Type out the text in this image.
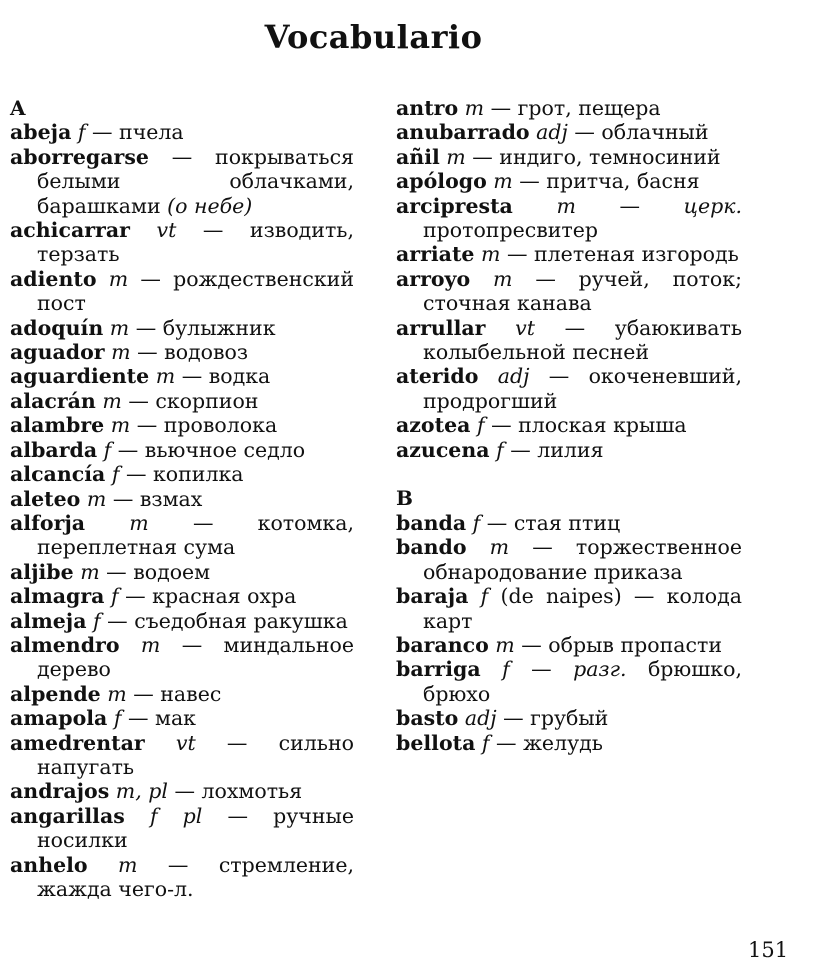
Vocabulario
A
abeja f — пчела
aborregarse — покрываться белыми облачками, барашками (о небе)
achicarrar vt — изводить, терзать
adiento m — рождественский пост
adoquín m — булыжник
aguador m — водовоз
aguardiente m — водка
alacrán m — скорпион
alambre m — проволока
albarda f — вьючное седло
alcancía f — копилка
aleteo m — взмах
alforja m — котомка, переплетная сума
aljibe m — водоем
almagra f — красная охра
almeja f — съедобная ракушка
almendro m — миндальное дерево
alpende m — навес
amapola f — мак
amedrentar vt — сильно напугать
andrajos m, pl — лохмотья
angarillas f pl — ручные носилки
anhelo m — стремление, жажда чего-л.
antro m — грот, пещера
anubarrado adj — облачный
añil m — индиго, темносиний
apólogo m — притча, басня
arcipresta m — церк. протопресвитер
arriate m — плетеная изгородь
arroyo m — ручей, поток; сточная канава
arrullar vt — убаюкивать колыбельной песней
aterido adj — окоченевший, продрогший
azotea f — плоская крыша
azucena f — лилия
B
banda f — стая птиц
bando m — торжественное обнародование приказа
baraja f (de naipes) — колода карт
baranco m — обрыв пропасти
barriga f — разг. брюшко, брюхо
basto adj — грубый
bellota f — желудь
151
